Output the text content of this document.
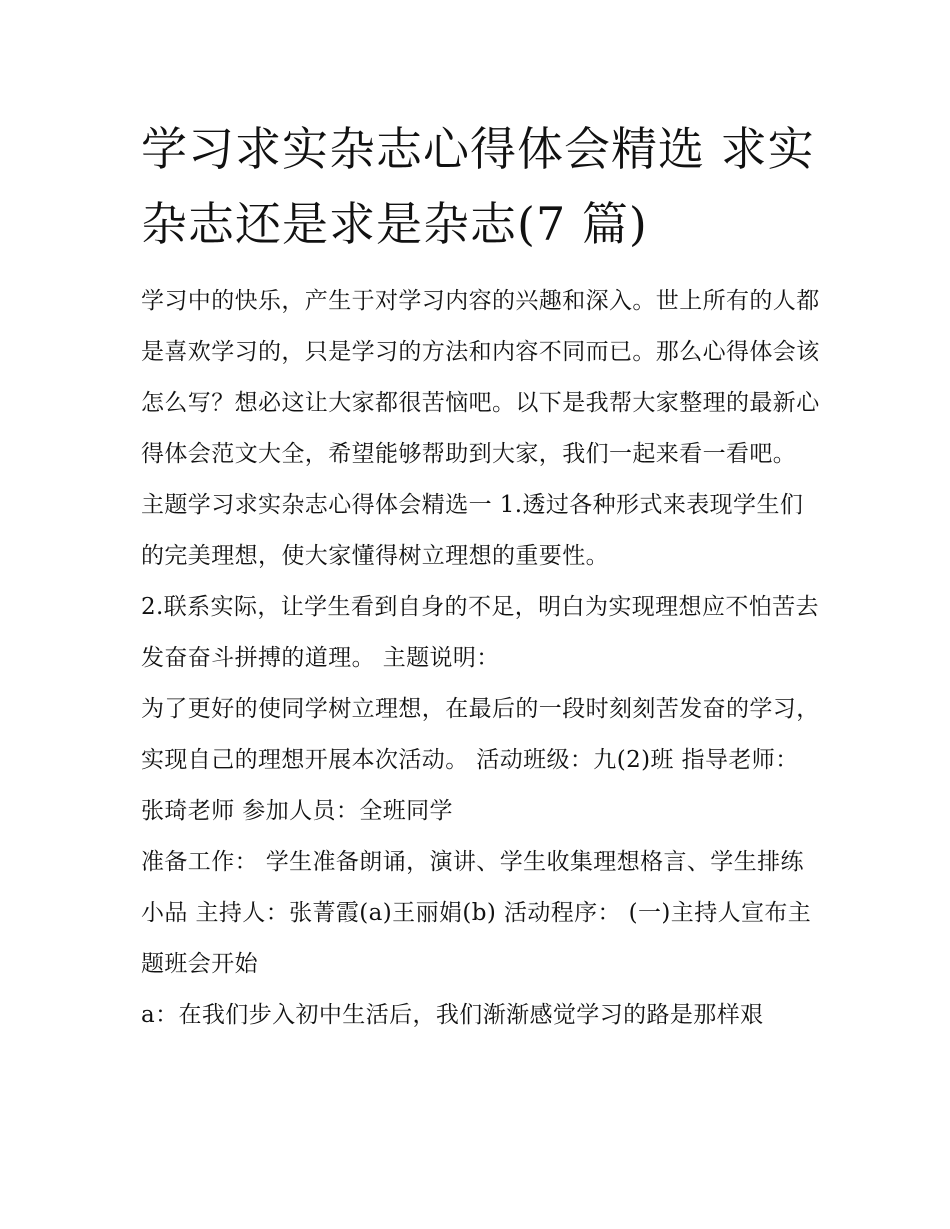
学习求实杂志心得体会精选 求实杂志还是求是杂志(7 篇)

学习中的快乐，产生于对学习内容的兴趣和深入。世上所有的人都是喜欢学习的，只是学习的方法和内容不同而已。那么心得体会该怎么写？想必这让大家都很苦恼吧。以下是我帮大家整理的最新心得体会范文大全，希望能够帮助到大家，我们一起来看一看吧。

主题学习求实杂志心得体会精选一 1.透过各种形式来表现学生们的完美理想，使大家懂得树立理想的重要性。

2.联系实际，让学生看到自身的不足，明白为实现理想应不怕苦去发奋奋斗拼搏的道理。 主题说明：

为了更好的使同学树立理想，在最后的一段时刻刻苦发奋的学习，实现自己的理想开展本次活动。 活动班级：九(2)班 指导老师：张琦老师 参加人员：全班同学

准备工作： 学生准备朗诵，演讲、学生收集理想格言、学生排练小品 主持人：张菁霞(a)王丽娟(b) 活动程序： (一)主持人宣布主题班会开始

a：在我们步入初中生活后，我们渐渐感觉学习的路是那样艰
